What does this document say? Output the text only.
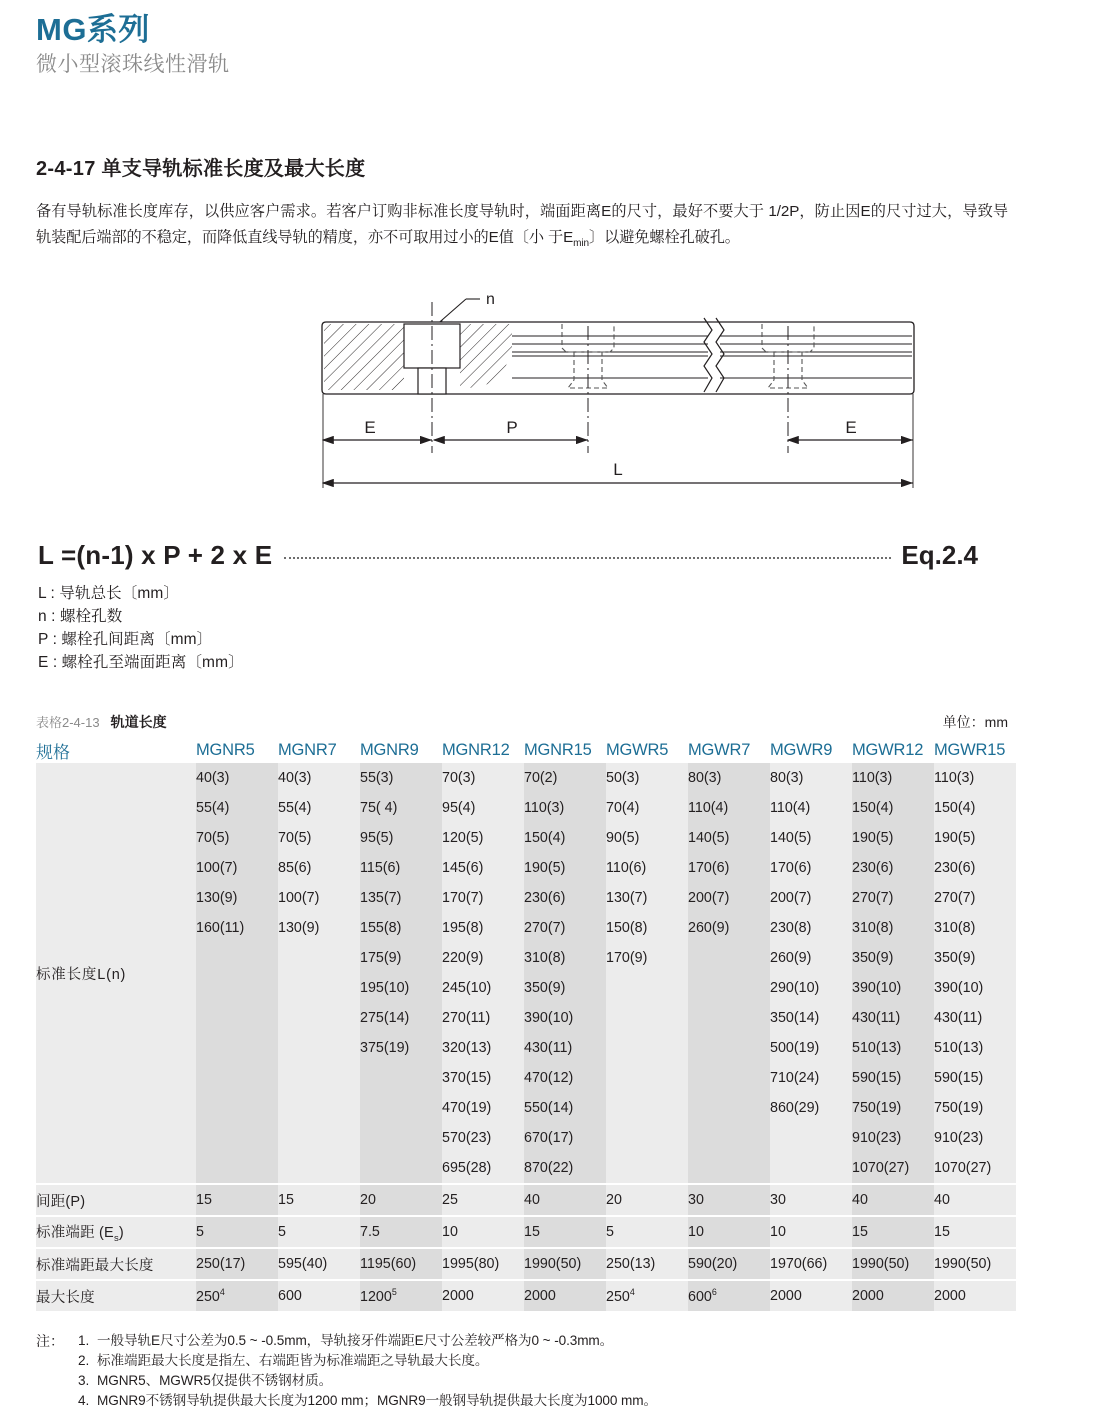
MG系列
微小型滚珠线性滑轨
2-4-17 单支导轨标准长度及最大长度
备有导轨标准长度库存，以供应客户需求。若客户订购非标准长度导轨时，端面距离E的尺寸，最好不要大于 1/2P，防止因E的尺寸过大，导致导轨装配后端部的不稳定，而降低直线导轨的精度，亦不可取用过小的E值〔小 于$E_{min}$〕以避免螺栓孔破孔。
n
E	P	E
L
L =(n-1) x P + 2 x E	Eq.2.4
L : 导轨总长〔mm〕
n : 螺栓孔数
P : 螺栓孔间距离〔mm〕
E : 螺栓孔至端面距离〔mm〕
表格2-4-13 轨道长度	单位：mm
规格	MGNR5	MGNR7	MGNR9	MGNR12	MGNR15	MGWR5	MGWR7	MGWR9	MGWR12	MGWR15
标准长度L(n)	40(3)	40(3)	55(3)	70(3)	70(2)	50(3)	80(3)	80(3)	110(3)	110(3)
	55(4)	55(4)	75( 4)	95(4)	110(3)	70(4)	110(4)	110(4)	150(4)	150(4)
	70(5)	70(5)	95(5)	120(5)	150(4)	90(5)	140(5)	140(5)	190(5)	190(5)
	100(7)	85(6)	115(6)	145(6)	190(5)	110(6)	170(6)	170(6)	230(6)	230(6)
	130(9)	100(7)	135(7)	170(7)	230(6)	130(7)	200(7)	200(7)	270(7)	270(7)
	160(11)	130(9)	155(8)	195(8)	270(7)	150(8)	260(9)	230(8)	310(8)	310(8)
			175(9)	220(9)	310(8)	170(9)		260(9)	350(9)	350(9)
			195(10)	245(10)	350(9)			290(10)	390(10)	390(10)
			275(14)	270(11)	390(10)			350(14)	430(11)	430(11)
			375(19)	320(13)	430(11)			500(19)	510(13)	510(13)
				370(15)	470(12)			710(24)	590(15)	590(15)
				470(19)	550(14)			860(29)	750(19)	750(19)
				570(23)	670(17)				910(23)	910(23)
				695(28)	870(22)				1070(27)	1070(27)

间距(P)	15	15	20	25	40	20	30	30	40	40

标准端距 $(E_s)$	5	5	7.5	10	15	5	10	10	15	15

标准端距最大长度	250(17)	595(40)	1195(60)	1995(80)	1990(50)	250(13)	590(20)	1970(66)	1990(50)	1990(50)

最大长度	250$^4$	600	1200$^5$	2000	2000	250$^4$	600$^6$	2000	2000	2000

注：	1. 一般导轨E尺寸公差为0.5 ~ -0.5mm，导轨接牙件端距E尺寸公差较严格为0 ~ -0.3mm。
2. 标准端距最大长度是指左、右端距皆为标准端距之导轨最大长度。
3. MGNR5、MGWR5仅提供不锈钢材质。
4. MGNR9不锈钢导轨提供最大长度为1200 mm；MGNR9一般钢导轨提供最大长度为1000 mm。
